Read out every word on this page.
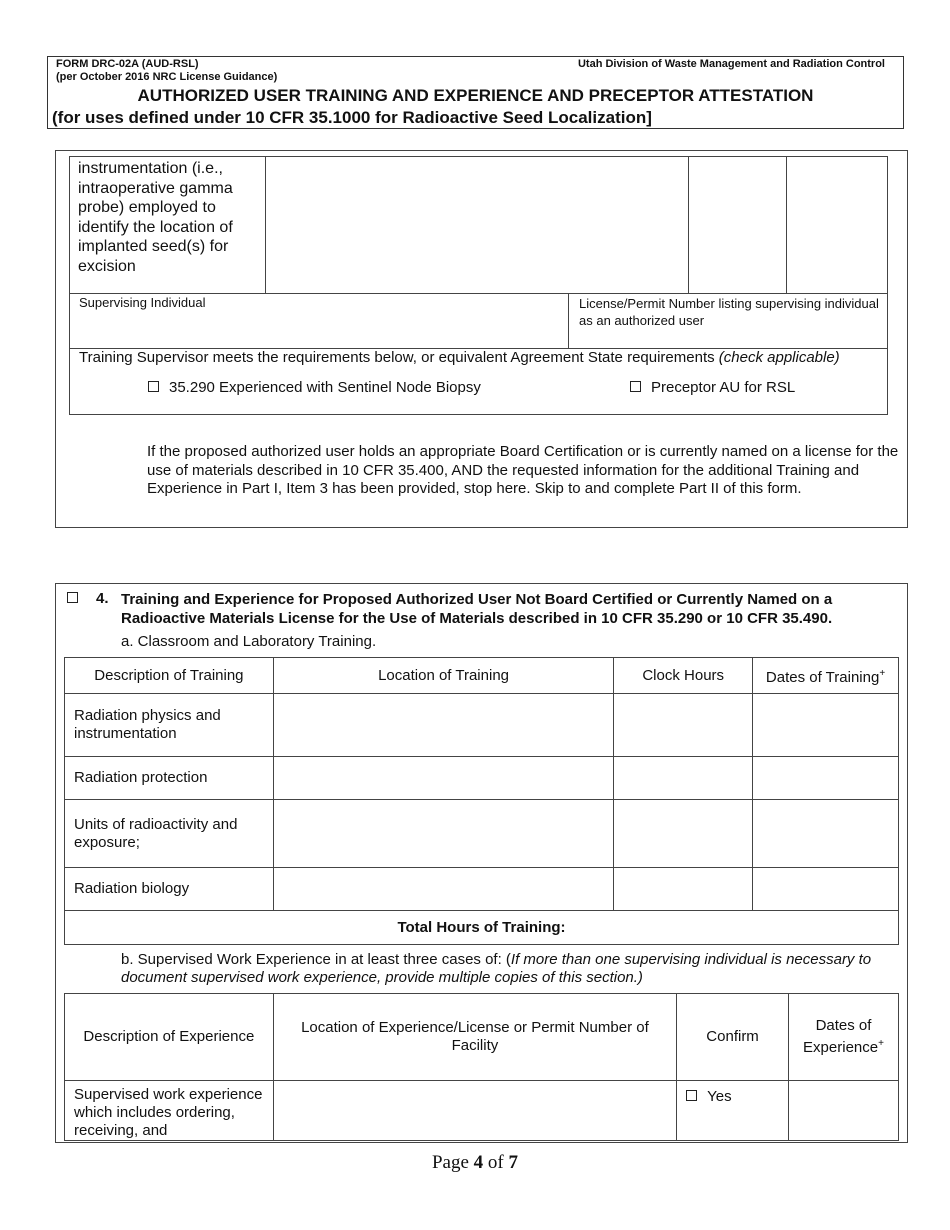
FORM DRC-02A (AUD-RSL)
(per October 2016 NRC License Guidance)
Utah Division of Waste Management and Radiation Control
AUTHORIZED USER TRAINING AND EXPERIENCE AND PRECEPTOR ATTESTATION
(for uses defined under 10 CFR 35.1000 for Radioactive Seed Localization]
instrumentation (i.e., intraoperative gamma probe) employed to identify the location of implanted seed(s) for excision

Supervising Individual	License/Permit Number listing supervising individual as an authorized user
Training Supervisor meets the requirements below, or equivalent Agreement State requirements (check applicable)
35.290 Experienced with Sentinel Node Biopsy	Preceptor AU for RSL
If the proposed authorized user holds an appropriate Board Certification or is currently named on a license for the use of materials described in 10 CFR 35.400, AND the requested information for the additional Training and Experience in Part I, Item 3 has been provided, stop here. Skip to and complete Part II of this form.
4. Training and Experience for Proposed Authorized User Not Board Certified or Currently Named on a Radioactive Materials License for the Use of Materials described in 10 CFR 35.290 or 10 CFR 35.490.
a. Classroom and Laboratory Training.
Description of Training	Location of Training	Clock Hours	Dates of Training+
Radiation physics and instrumentation			
Radiation protection			
Units of radioactivity and exposure;			
Radiation biology			
Total Hours of Training:			
b. Supervised Work Experience in at least three cases of: (If more than one supervising individual is necessary to document supervised work experience, provide multiple copies of this section.)
Description of Experience	Location of Experience/License or Permit Number of Facility	Confirm	Dates of Experience+
Supervised work experience which includes ordering, receiving, and		Yes	
Page 4 of 7
